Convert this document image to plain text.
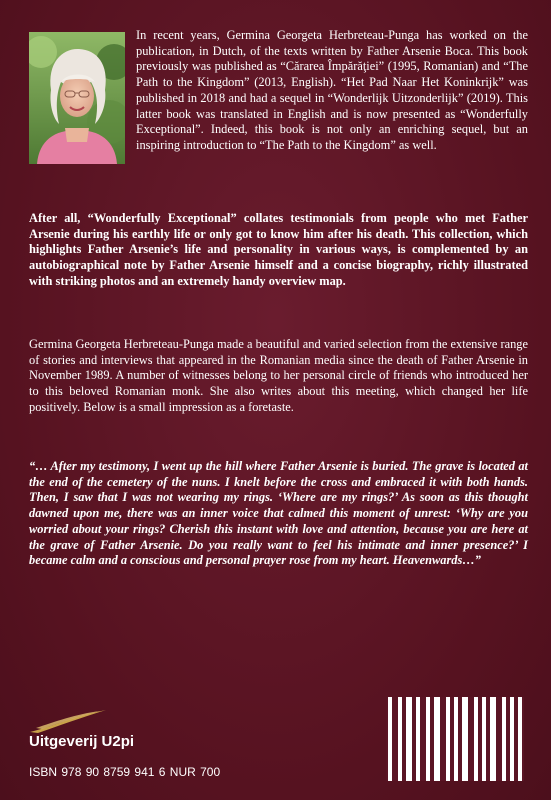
In recent years, Germina Georgeta Herbreteau-Punga has worked on the publication, in Dutch, of the texts written by Father Arsenie Boca. This book previously was published as “Cărarea Împărăţiei” (1995, Romanian) and “The Path to the Kingdom” (2013, English). “Het Pad Naar Het Koninkrijk” was published in 2018 and had a sequel in “Wonderlijk Uitzonderlijk” (2019). This latter book was translated in English and is now presented as “Wonderfully Exceptional”. Indeed, this book is not only an enriching sequel, but an inspiring introduction to “The Path to the Kingdom” as well.

After all, “Wonderfully Exceptional” collates testimonials from people who met Father Arsenie during his earthly life or only got to know him after his death. This collection, which highlights Father Arsenie’s life and personality in various ways, is complemented by an autobiographical note by Father Arsenie himself and a concise biography, richly illustrated with striking photos and an extremely handy overview map.

Germina Georgeta Herbreteau-Punga made a beautiful and varied selection from the extensive range of stories and interviews that appeared in the Romanian media since the death of Father Arsenie in November 1989. A number of witnesses belong to her personal circle of friends who introduced her to this beloved Romanian monk. She also writes about this meeting, which changed her life positively. Below is a small impression as a foretaste.

“… After my testimony, I went up the hill where Father Arsenie is buried. The grave is located at the end of the cemetery of the nuns. I knelt before the cross and embraced it with both hands. Then, I saw that I was not wearing my rings. ‘Where are my rings?’ As soon as this thought dawned upon me, there was an inner voice that calmed this moment of unrest: ‘Why are you worried about your rings? Cherish this instant with love and attention, because you are here at the grave of Father Arsenie. Do you really want to feel his intimate and inner presence?’ I became calm and a conscious and personal prayer rose from my heart. Heavenwards…”

Uitgeverij U2pi
ISBN 978 90 8759 941 6 NUR 700
